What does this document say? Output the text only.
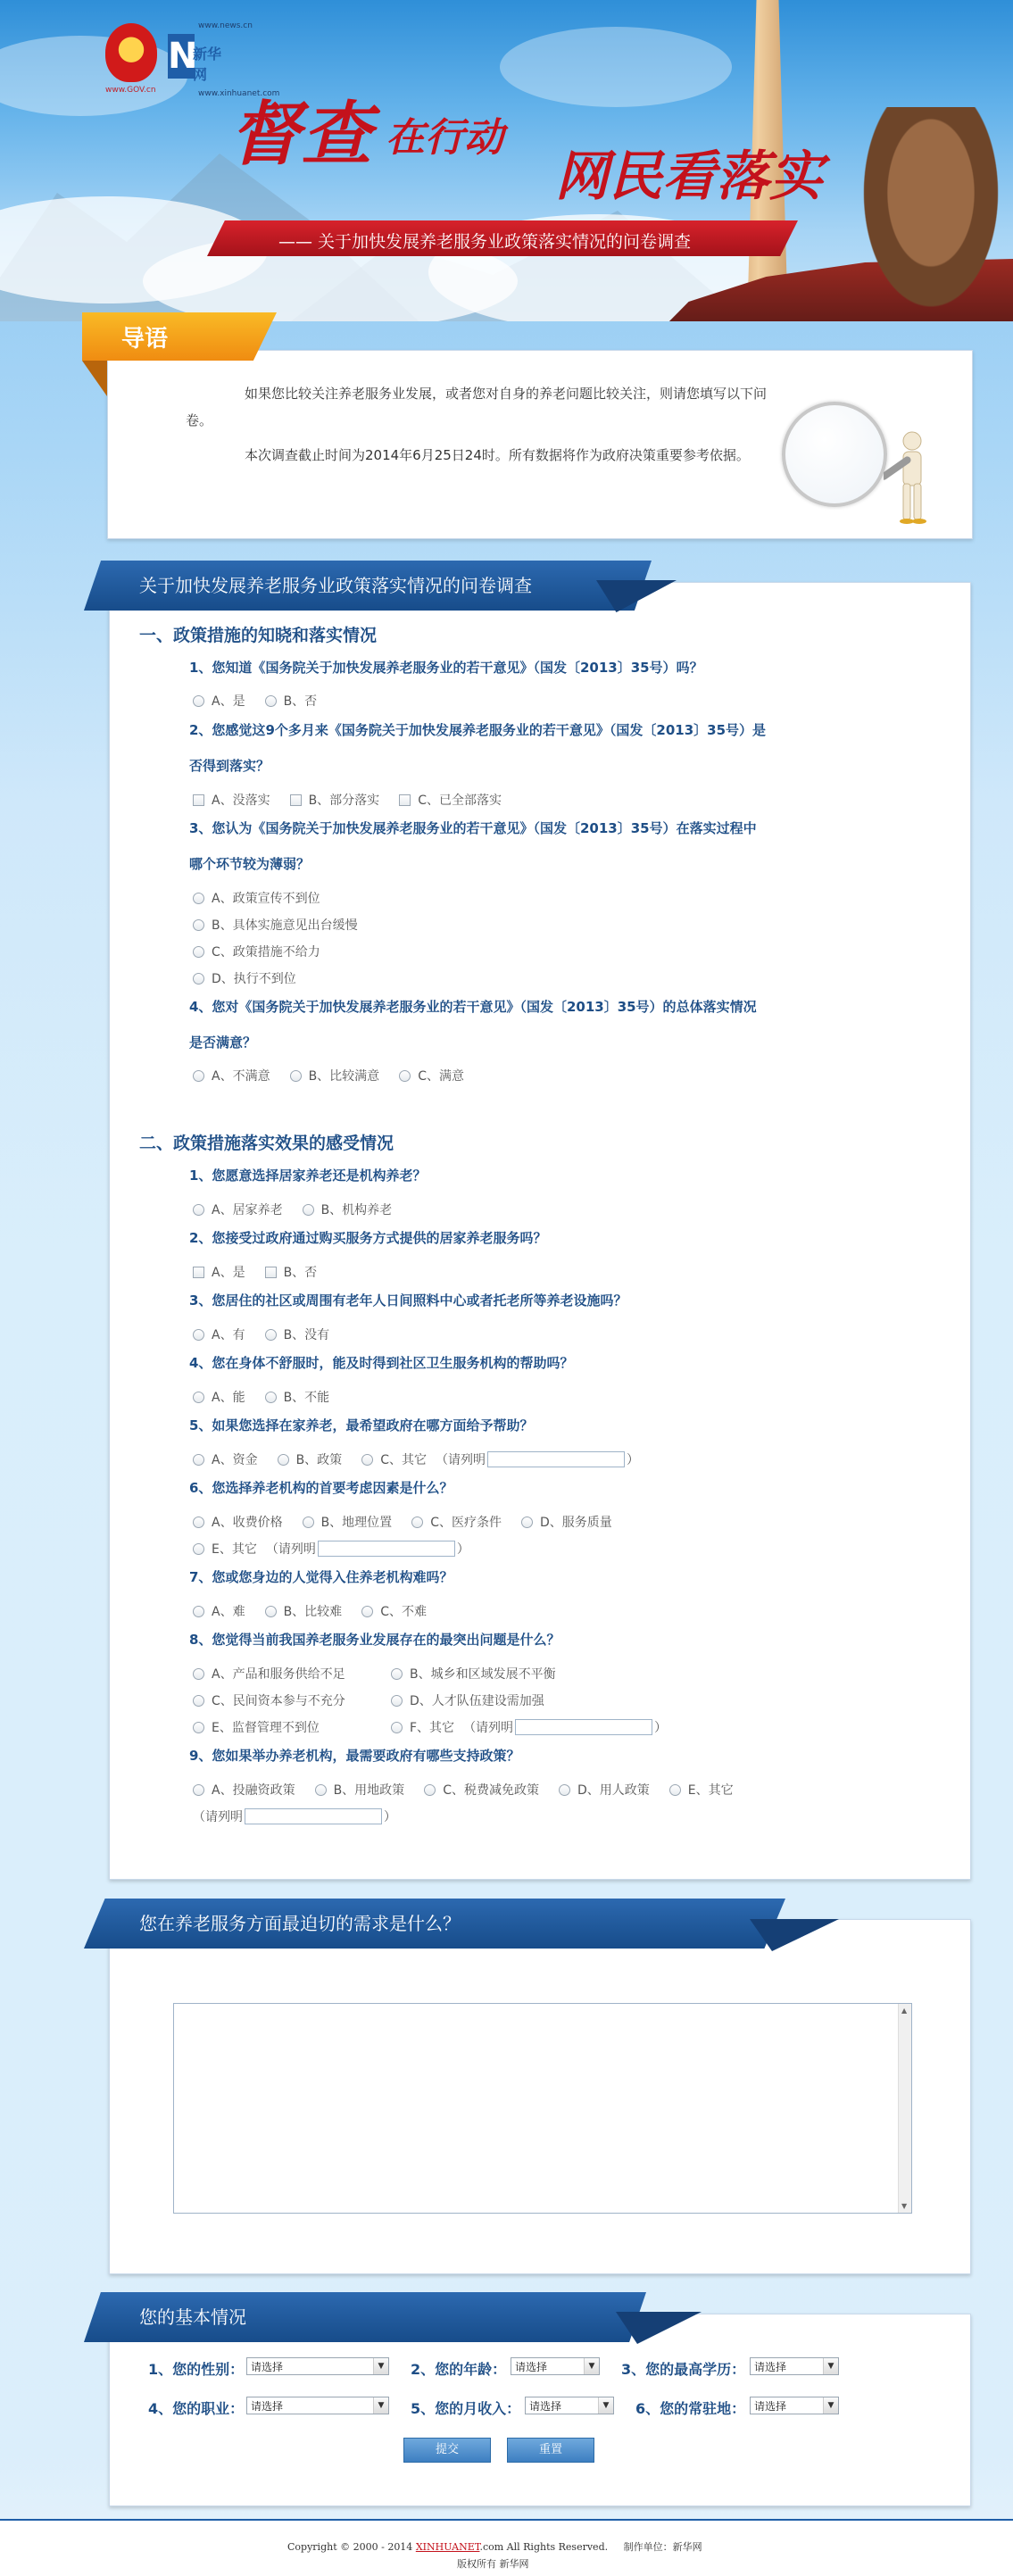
www.GOV.cn
N
新华网
www.news.cn
www.xinhuanet.com
督查 在行动
网民看落实
—— 关于加快发展养老服务业政策落实情况的问卷调查
导语
如果您比较关注养老服务业发展，或者您对自身的养老问题比较关注，则请您填写以下问卷。
本次调查截止时间为2014年6月25日24时。所有数据将作为政府决策重要参考依据。
关于加快发展养老服务业政策落实情况的问卷调查
一、政策措施的知晓和落实情况
1、您知道《国务院关于加快发展养老服务业的若干意见》（国发〔2013〕35号）吗？
A、是	B、否
2、您感觉这9个多月来《国务院关于加快发展养老服务业的若干意见》（国发〔2013〕35号）是
否得到落实？
A、没落实	B、部分落实	C、已全部落实
3、您认为《国务院关于加快发展养老服务业的若干意见》（国发〔2013〕35号）在落实过程中
哪个环节较为薄弱？
A、政策宣传不到位
B、具体实施意见出台缓慢
C、政策措施不给力
D、执行不到位
4、您对《国务院关于加快发展养老服务业的若干意见》（国发〔2013〕35号）的总体落实情况
是否满意？
A、不满意	B、比较满意	C、满意
二、政策措施落实效果的感受情况
1、您愿意选择居家养老还是机构养老？
A、居家养老	B、机构养老
2、您接受过政府通过购买服务方式提供的居家养老服务吗？
A、是	B、否
3、您居住的社区或周围有老年人日间照料中心或者托老所等养老设施吗？
A、有	B、没有
4、您在身体不舒服时，能及时得到社区卫生服务机构的帮助吗？
A、能	B、不能
5、如果您选择在家养老，最希望政府在哪方面给予帮助？
A、资金	B、政策	C、其它 （请列明	）
6、您选择养老机构的首要考虑因素是什么？
A、收费价格	B、地理位置	C、医疗条件	D、服务质量
E、其它 （请列明	）
7、您或您身边的人觉得入住养老机构难吗？
A、难	B、比较难	C、不难
8、您觉得当前我国养老服务业发展存在的最突出问题是什么？
A、产品和服务供给不足	B、城乡和区域发展不平衡
C、民间资本参与不充分	D、人才队伍建设需加强
E、监督管理不到位	F、其它 （请列明	）
9、您如果举办养老机构，最需要政府有哪些支持政策？
A、投融资政策	B、用地政策	C、税费减免政策	D、用人政策	E、其它
（请列明	）
您在养老服务方面最迫切的需求是什么？
▲
▼
您的基本情况
1、您的性别： 请选择	▼ 2、您的年龄： 请选择	▼ 3、您的最高学历： 请选择	▼
4、您的职业： 请选择	▼ 5、您的月收入： 请选择	▼ 6、您的常驻地： 请选择	▼
提交	重置
Copyright © 2000 - 2014 XINHUANET.com All Rights Reserved. 制作单位：新华网
版权所有 新华网
